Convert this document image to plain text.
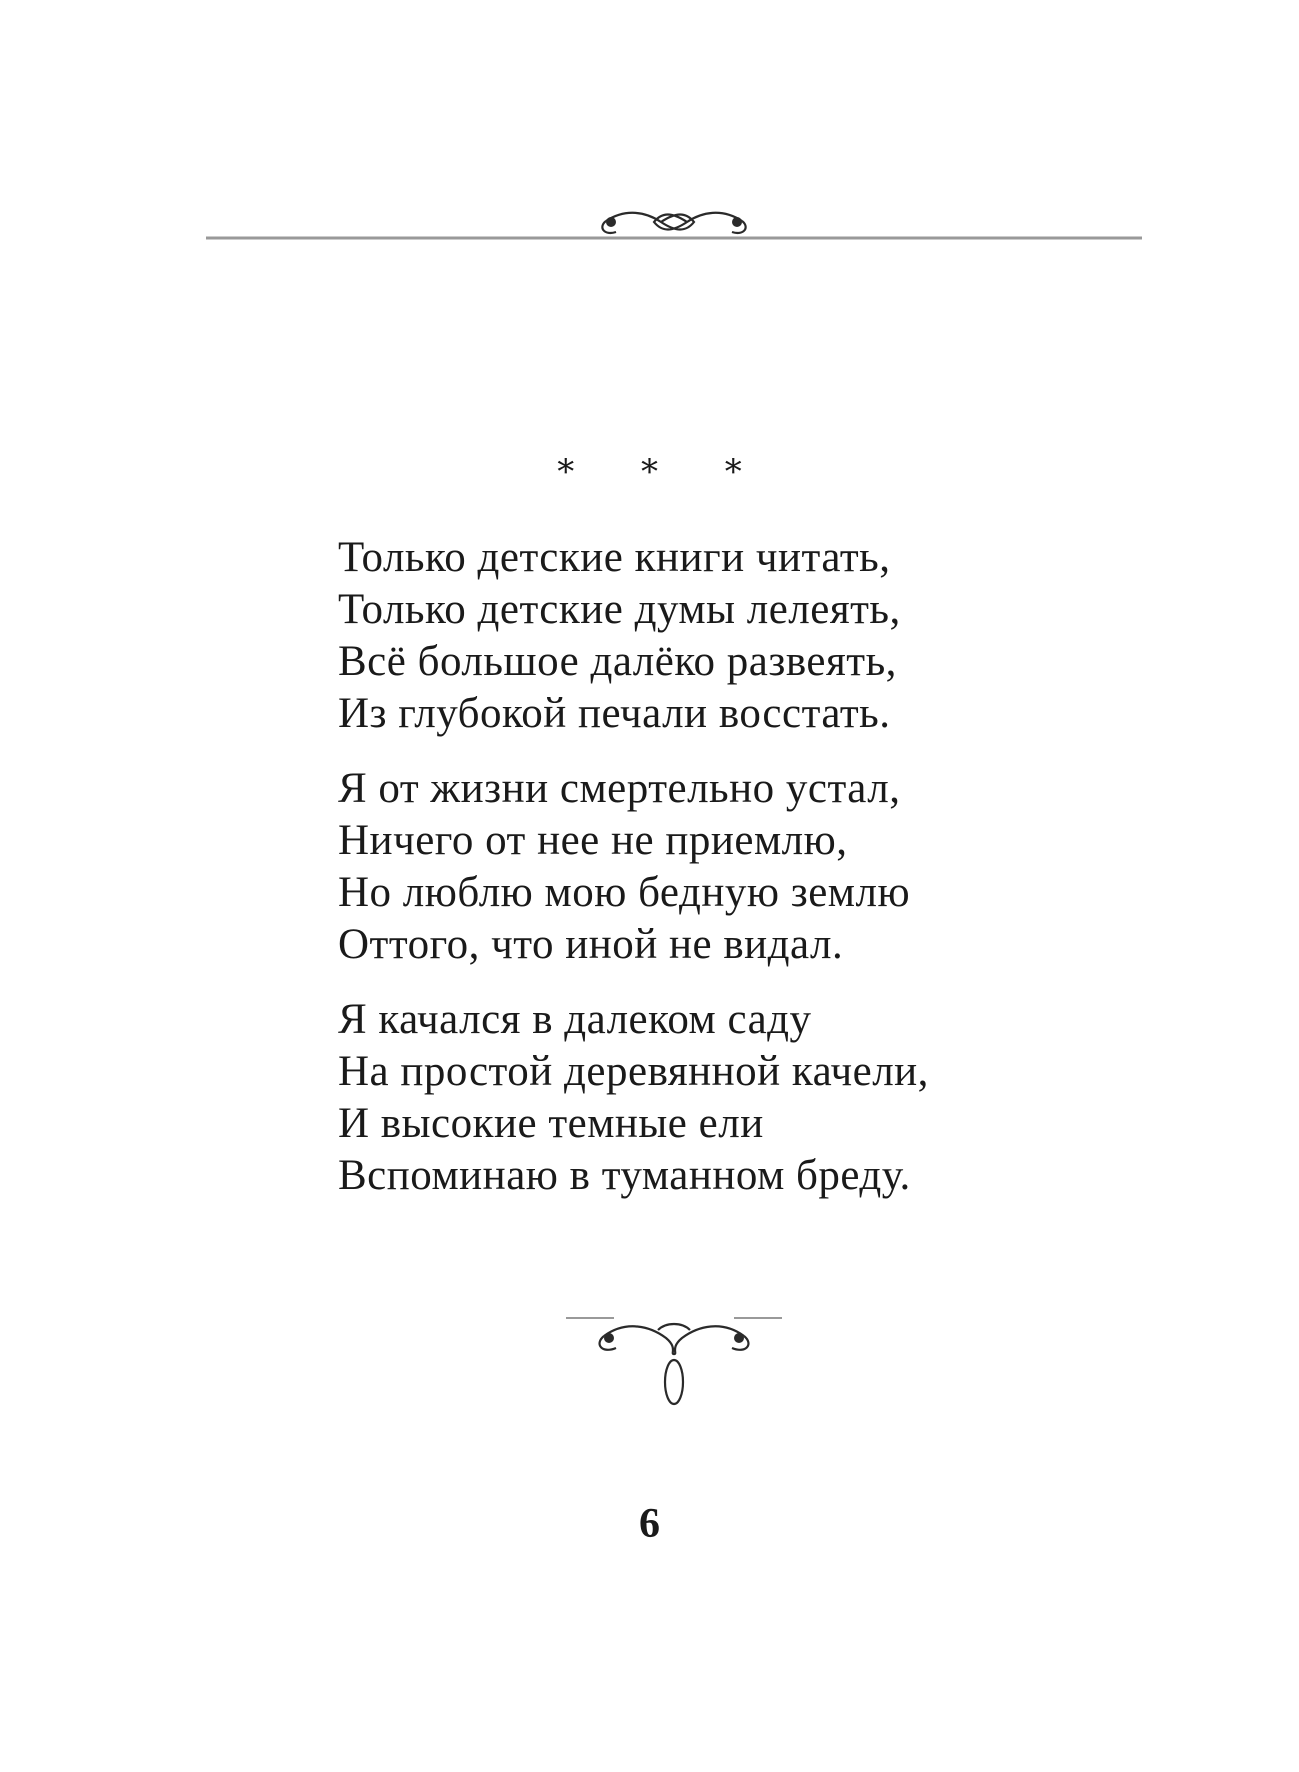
* * *
Только детские книги читать,
Только детские думы лелеять,
Всё большое далёко развеять,
Из глубокой печали восстать.
Я от жизни смертельно устал,
Ничего от нее не приемлю,
Но люблю мою бедную землю
Оттого, что иной не видал.
Я качался в далеком саду
На простой деревянной качели,
И высокие темные ели
Вспоминаю в туманном бреду.
6
